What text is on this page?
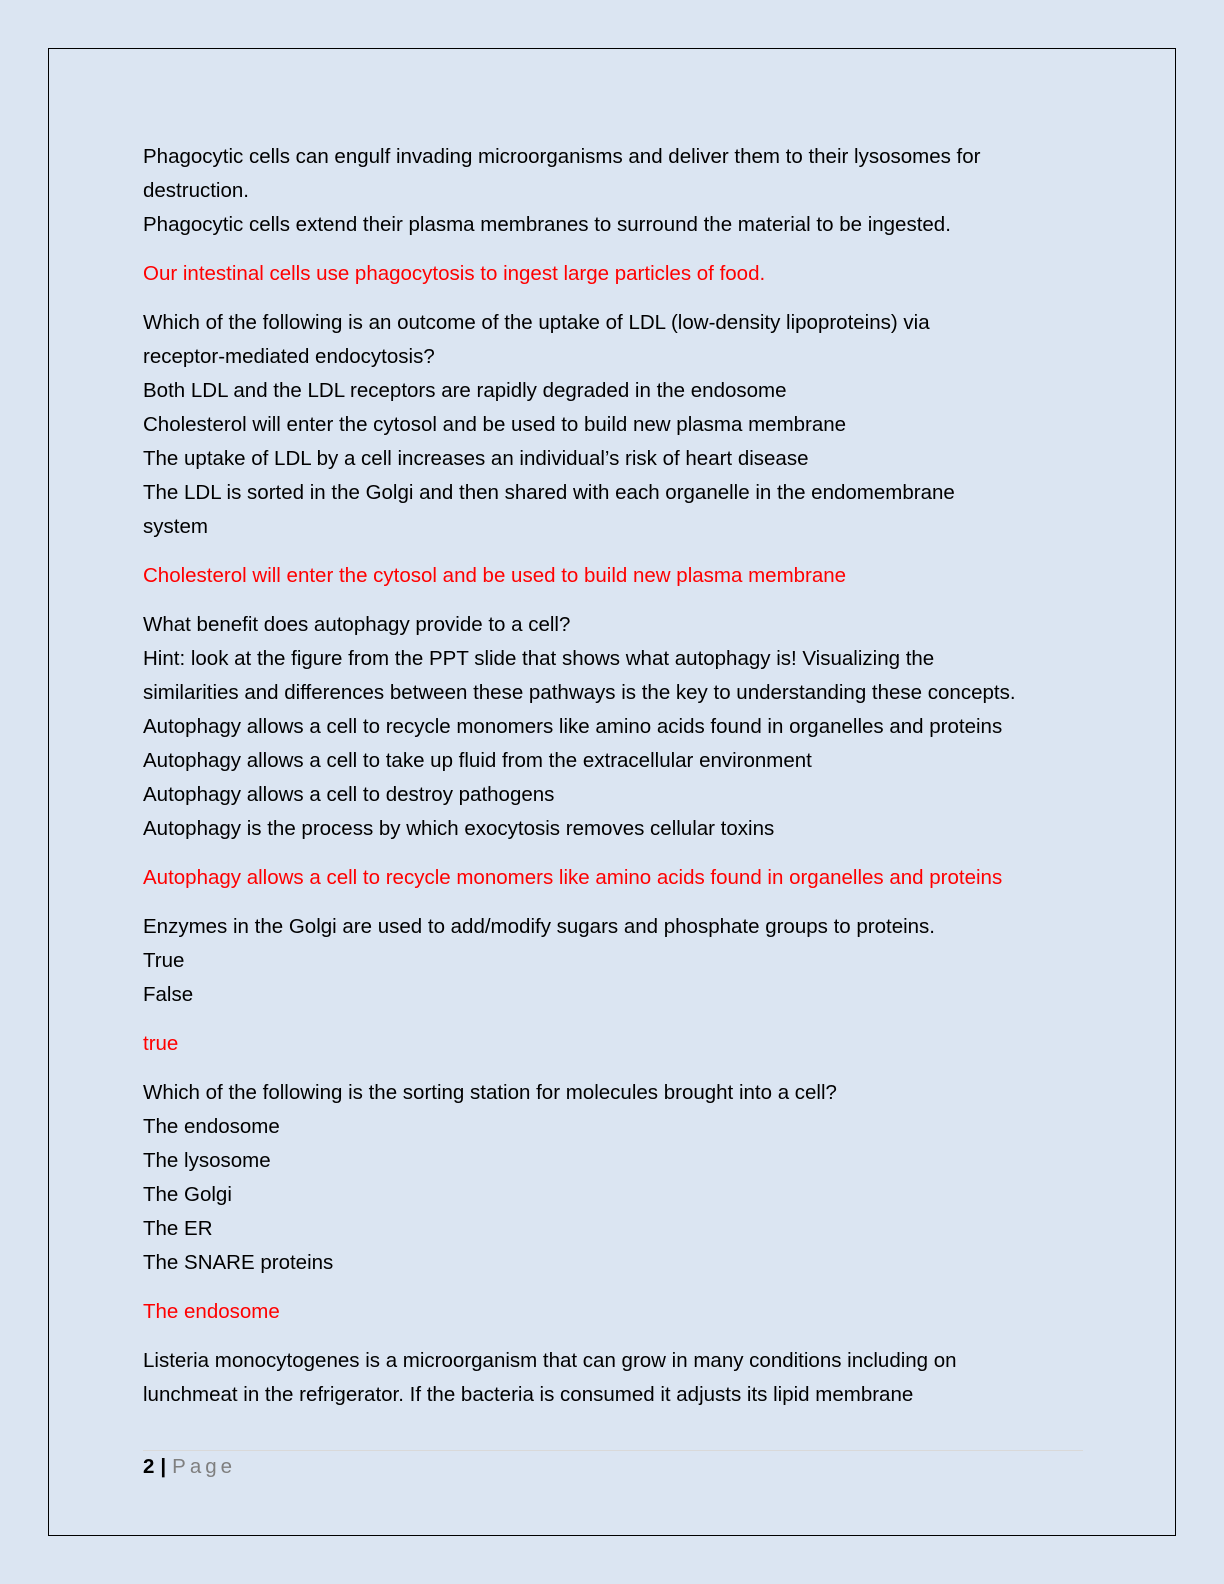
Phagocytic cells can engulf invading microorganisms and deliver them to their lysosomes for
destruction.
Phagocytic cells extend their plasma membranes to surround the material to be ingested.
Our intestinal cells use phagocytosis to ingest large particles of food.
Which of the following is an outcome of the uptake of LDL (low-density lipoproteins) via
receptor-mediated endocytosis?
Both LDL and the LDL receptors are rapidly degraded in the endosome
Cholesterol will enter the cytosol and be used to build new plasma membrane
The uptake of LDL by a cell increases an individual’s risk of heart disease
The LDL is sorted in the Golgi and then shared with each organelle in the endomembrane
system
Cholesterol will enter the cytosol and be used to build new plasma membrane
What benefit does autophagy provide to a cell?
Hint: look at the figure from the PPT slide that shows what autophagy is! Visualizing the
similarities and differences between these pathways is the key to understanding these concepts.
Autophagy allows a cell to recycle monomers like amino acids found in organelles and proteins
Autophagy allows a cell to take up fluid from the extracellular environment
Autophagy allows a cell to destroy pathogens
Autophagy is the process by which exocytosis removes cellular toxins
Autophagy allows a cell to recycle monomers like amino acids found in organelles and proteins
Enzymes in the Golgi are used to add/modify sugars and phosphate groups to proteins.
True
False
true
Which of the following is the sorting station for molecules brought into a cell?
The endosome
The lysosome
The Golgi
The ER
The SNARE proteins
The endosome
Listeria monocytogenes is a microorganism that can grow in many conditions including on
lunchmeat in the refrigerator. If the bacteria is consumed it adjusts its lipid membrane
2 | Page
